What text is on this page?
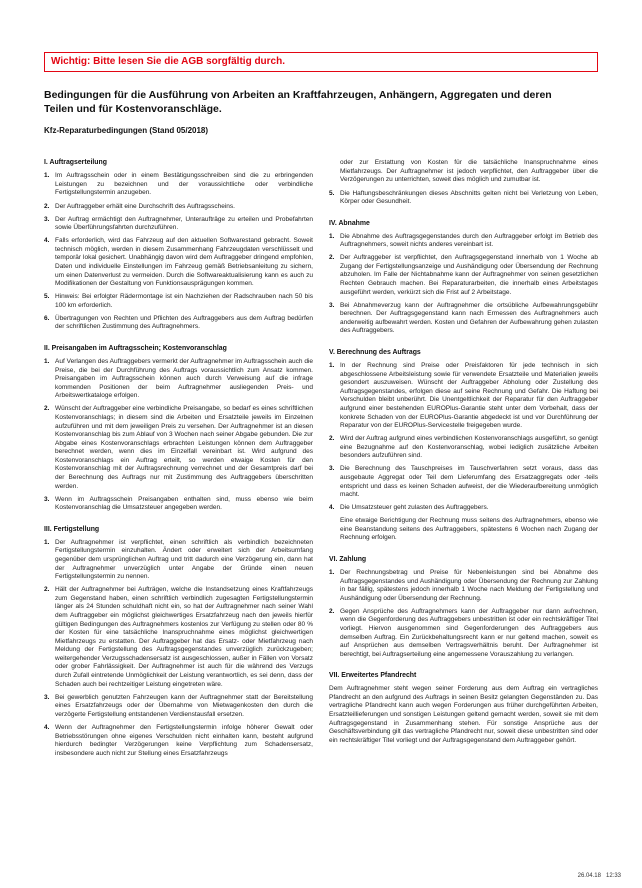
Wichtig: Bitte lesen Sie die AGB sorgfältig durch.
Bedingungen für die Ausführung von Arbeiten an Kraftfahrzeugen, Anhängern, Aggregaten und deren Teilen und für Kostenvoranschläge.
Kfz-Reparaturbedingungen (Stand 05/2018)
I. Auftragserteilung
1. Im Auftragsschein oder in einem Bestätigungsschreiben sind die zu erbringenden Leistungen zu bezeichnen und der voraussichtliche oder verbindliche Fertigstellungstermin anzugeben.
2. Der Auftraggeber erhält eine Durchschrift des Auftragsscheins.
3. Der Auftrag ermächtigt den Auftragnehmer, Unteraufträge zu erteilen und Probefahrten sowie Überführungsfahrten durchzuführen.
4. Falls erforderlich, wird das Fahrzeug auf den aktuellen Softwarestand gebracht. Soweit technisch möglich, werden in diesem Zusammenhang Fahrzeugdaten verschlüsselt und temporär lokal gesichert. Unabhängig davon wird dem Auftraggeber dringend empfohlen, Daten und individuelle Einstellungen im Fahrzeug gemäß Betriebsanleitung zu sichern, um einen Datenverlust zu vermeiden. Durch die Softwareaktualisierung kann es auch zu Modifikationen der Gestaltung von Funktionsausprägungen kommen.
5. Hinweis: Bei erfolgter Rädermontage ist ein Nachziehen der Radschrauben nach 50 bis 100 km erforderlich.
6. Übertragungen von Rechten und Pflichten des Auftraggebers aus dem Auftrag bedürfen der schriftlichen Zustimmung des Auftragnehmers.
II. Preisangaben im Auftragsschein; Kostenvoranschlag
1. Auf Verlangen des Auftraggebers vermerkt der Auftragnehmer im Auftragsschein auch die Preise, die bei der Durchführung des Auftrags voraussichtlich zum Ansatz kommen. Preisangaben im Auftragsschein können auch durch Verweisung auf die infrage kommenden Positionen der beim Auftragnehmer ausliegenden Preis- und Arbeitswertkataloge erfolgen.
2. Wünscht der Auftraggeber eine verbindliche Preisangabe, so bedarf es eines schriftlichen Kostenvoranschlags; in diesem sind die Arbeiten und Ersatzteile jeweils im Einzelnen aufzuführen und mit dem jeweiligen Preis zu versehen. Der Auftragnehmer ist an diesen Kostenvoranschlag bis zum Ablauf von 3 Wochen nach seiner Abgabe gebunden. Die zur Abgabe eines Kostenvoranschlags erbrachten Leistungen können dem Auftraggeber berechnet werden, wenn dies im Einzelfall vereinbart ist. Wird aufgrund des Kostenvoranschlags ein Auftrag erteilt, so werden etwaige Kosten für den Kostenvoranschlag mit der Auftragsrechnung verrechnet und der Gesamtpreis darf bei der Berechnung des Auftrags nur mit Zustimmung des Auftraggebers überschritten werden.
3. Wenn im Auftragsschein Preisangaben enthalten sind, muss ebenso wie beim Kostenvoranschlag die Umsatzsteuer angegeben werden.
III. Fertigstellung
1. Der Auftragnehmer ist verpflichtet, einen schriftlich als verbindlich bezeichneten Fertigstellungstermin einzuhalten. Ändert oder erweitert sich der Arbeitsumfang gegenüber dem ursprünglichen Auftrag und tritt dadurch eine Verzögerung ein, dann hat der Auftragnehmer unverzüglich unter Angabe der Gründe einen neuen Fertigstellungstermin zu nennen.
2. Hält der Auftragnehmer bei Aufträgen, welche die Instandsetzung eines Kraftfahrzeugs zum Gegenstand haben, einen schriftlich verbindlich zugesagten Fertigstellungstermin länger als 24 Stunden schuldhaft nicht ein, so hat der Auftragnehmer nach seiner Wahl dem Auftraggeber ein möglichst gleichwertiges Ersatzfahrzeug nach den jeweils hierfür gültigen Bedingungen des Auftragnehmers kostenlos zur Verfügung zu stellen oder 80 % der Kosten für eine tatsächliche Inanspruchnahme eines möglichst gleichwertigen Mietfahrzeugs zu erstatten. Der Auftraggeber hat das Ersatz- oder Mietfahrzeug nach Meldung der Fertigstellung des Auftragsgegenstandes unverzüglich zurückzugeben; weitergehender Verzugsschadensersatz ist ausgeschlossen, außer in Fällen von Vorsatz oder grober Fahrlässigkeit. Der Auftragnehmer ist auch für die während des Verzugs durch Zufall eintretende Unmöglichkeit der Leistung verantwortlich, es sei denn, dass der Schaden auch bei rechtzeitiger Leistung eingetreten wäre.
3. Bei gewerblich genutzten Fahrzeugen kann der Auftragnehmer statt der Bereitstellung eines Ersatzfahrzeugs oder der Übernahme von Mietwagenkosten den durch die verzögerte Fertigstellung entstandenen Verdienstausfall ersetzen.
4. Wenn der Auftragnehmer den Fertigstellungstermin infolge höherer Gewalt oder Betriebsstörungen ohne eigenes Verschulden nicht einhalten kann, besteht aufgrund hierdurch bedingter Verzögerungen keine Verpflichtung zum Schadensersatz, insbesondere auch nicht zur Stellung eines Ersatzfahrzeugs
oder zur Erstattung von Kosten für die tatsächliche Inanspruchnahme eines Mietfahrzeugs. Der Auftragnehmer ist jedoch verpflichtet, den Auftraggeber über die Verzögerungen zu unterrichten, soweit dies möglich und zumutbar ist.
5. Die Haftungsbeschränkungen dieses Abschnitts gelten nicht bei Verletzung von Leben, Körper oder Gesundheit.
IV. Abnahme
1. Die Abnahme des Auftragsgegenstandes durch den Auftraggeber erfolgt im Betrieb des Auftragnehmers, soweit nichts anderes vereinbart ist.
2. Der Auftraggeber ist verpflichtet, den Auftragsgegenstand innerhalb von 1 Woche ab Zugang der Fertigstellungsanzeige und Aushändigung oder Übersendung der Rechnung abzuholen. Im Falle der Nichtabnahme kann der Auftragnehmer von seinen gesetzlichen Rechten Gebrauch machen. Bei Reparaturarbeiten, die innerhalb eines Arbeitstages ausgeführt werden, verkürzt sich die Frist auf 2 Arbeitstage.
3. Bei Abnahmeverzug kann der Auftragnehmer die ortsübliche Aufbewahrungsgebühr berechnen. Der Auftragsgegenstand kann nach Ermessen des Auftragnehmers auch anderweitig aufbewahrt werden. Kosten und Gefahren der Aufbewahrung gehen zulasten des Auftraggebers.
V. Berechnung des Auftrags
1. In der Rechnung sind Preise oder Preisfaktoren für jede technisch in sich abgeschlossene Arbeitsleistung sowie für verwendete Ersatzteile und Materialien jeweils gesondert auszuweisen. Wünscht der Auftraggeber Abholung oder Zustellung des Auftragsgegenstandes, erfolgen diese auf seine Rechnung und Gefahr. Die Haftung bei Verschulden bleibt unberührt. Die Unentgeltlichkeit der Reparatur für den Auftraggeber aufgrund einer bestehenden EUROPlus-Garantie steht unter dem Vorbehalt, dass der konkrete Schaden von der EUROPlus-Garantie abgedeckt ist und vor Durchführung der Reparatur von der EUROPlus-Servicestelle freigegeben wurde.
2. Wird der Auftrag aufgrund eines verbindlichen Kostenvoranschlags ausgeführt, so genügt eine Bezugnahme auf den Kostenvoranschlag, wobei lediglich zusätzliche Arbeiten besonders aufzuführen sind.
3. Die Berechnung des Tauschpreises im Tauschverfahren setzt voraus, dass das ausgebaute Aggregat oder Teil dem Lieferumfang des Ersatzaggregats oder -teils entspricht und dass es keinen Schaden aufweist, der die Wiederaufbereitung unmöglich macht.
4. Die Umsatzsteuer geht zulasten des Auftraggebers.
Eine etwaige Berichtigung der Rechnung muss seitens des Auftragnehmers, ebenso wie eine Beanstandung seitens des Auftraggebers, spätestens 6 Wochen nach Zugang der Rechnung erfolgen.
VI. Zahlung
1. Der Rechnungsbetrag und Preise für Nebenleistungen sind bei Abnahme des Auftragsgegenstandes und Aushändigung oder Übersendung der Rechnung zur Zahlung in bar fällig, spätestens jedoch innerhalb 1 Woche nach Meldung der Fertigstellung und Aushändigung oder Übersendung der Rechnung.
2. Gegen Ansprüche des Auftragnehmers kann der Auftraggeber nur dann aufrechnen, wenn die Gegenforderung des Auftraggebers unbestritten ist oder ein rechtskräftiger Titel vorliegt. Hiervon ausgenommen sind Gegenforderungen des Auftraggebers aus demselben Auftrag. Ein Zurückbehaltungsrecht kann er nur geltend machen, soweit es auf Ansprüchen aus demselben Vertragsverhältnis beruht. Der Auftragnehmer ist berechtigt, bei Auftragserteilung eine angemessene Vorauszahlung zu verlangen.
VII. Erweitertes Pfandrecht
Dem Auftragnehmer steht wegen seiner Forderung aus dem Auftrag ein vertragliches Pfandrecht an den aufgrund des Auftrags in seinen Besitz gelangten Gegenständen zu. Das vertragliche Pfandrecht kann auch wegen Forderungen aus früher durchgeführten Arbeiten, Ersatzteillieferungen und sonstigen Leistungen geltend gemacht werden, soweit sie mit dem Auftragsgegenstand in Zusammenhang stehen. Für sonstige Ansprüche aus der Geschäftsverbindung gilt das vertragliche Pfandrecht nur, soweit diese unbestritten sind oder ein rechtskräftiger Titel vorliegt und der Auftragsgegenstand dem Auftraggeber gehört.
26.04.18   12:33
